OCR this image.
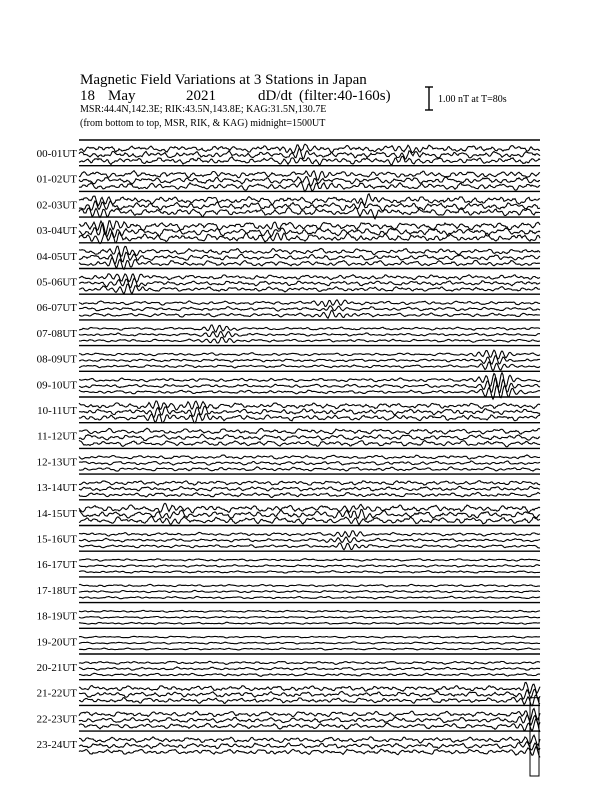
Magnetic Field Variations at 3 Stations in Japan
18 May	2021	dD/dt (filter:40-160s)
MSR:44.4N,142.3E; RIK:43.5N,143.8E; KAG:31.5N,130.7E
(from bottom to top, MSR, RIK, & KAG) midnight=1500UT
1.00 nT at T=80s
00-01UT
01-02UT
02-03UT
03-04UT
04-05UT
05-06UT
06-07UT
07-08UT
08-09UT
09-10UT
10-11UT
11-12UT
12-13UT
13-14UT
14-15UT
15-16UT
16-17UT
17-18UT
18-19UT
19-20UT
20-21UT
21-22UT
22-23UT
23-24UT
